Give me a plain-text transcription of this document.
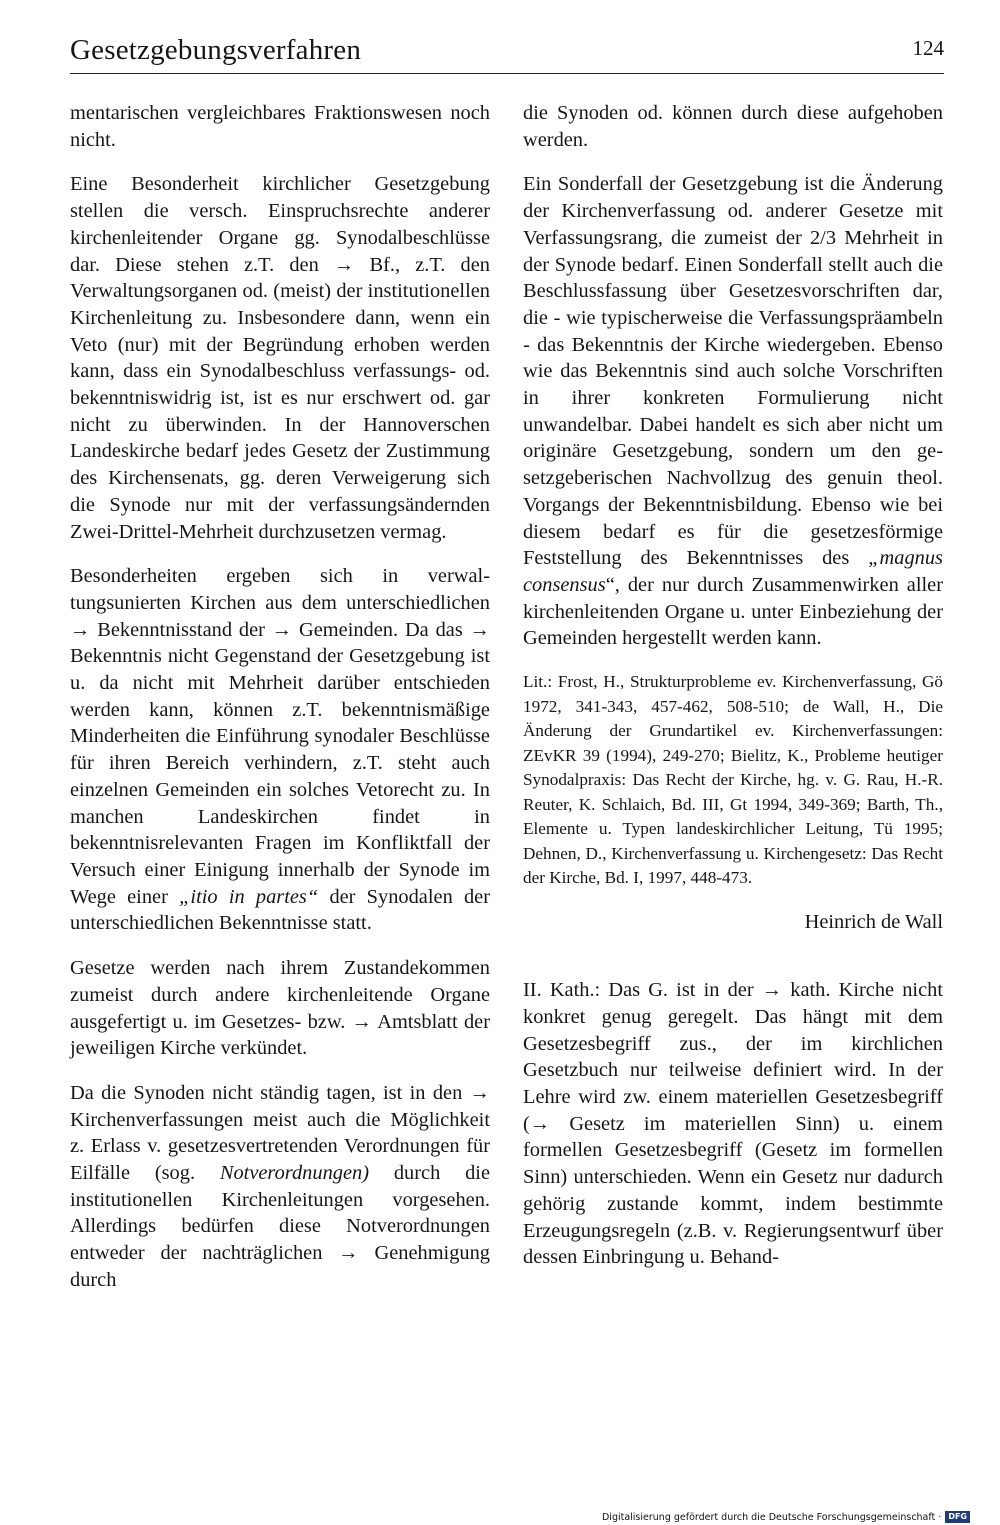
Gesetzgebungsverfahren	124

mentarischen vergleichbares Fraktionswesen noch nicht.

Eine Besonderheit kirchlicher Gesetzgebung stellen die versch. Einspruchsrechte anderer kirchenleitender Organe gg. Synodalbeschlüsse dar. Diese stehen z.T. den → Bf., z.T. den Verwaltungsorganen od. (meist) der institutionellen Kirchenleitung zu. Insbesondere dann, wenn ein Veto (nur) mit der Begründung erhoben werden kann, dass ein Synodalbeschluss verfassungs- od. bekenntniswidrig ist, ist es nur erschwert od. gar nicht zu überwinden. In der Hannoverschen Landeskirche bedarf jedes Gesetz der Zustimmung des Kirchensenats, gg. deren Verweigerung sich die Synode nur mit der verfassungsändernden Zwei-Drittel-Mehrheit durchzusetzen vermag.

Besonderheiten ergeben sich in verwaltungsunierten Kirchen aus dem unterschiedlichen → Bekenntnisstand der → Gemeinden. Da das → Bekenntnis nicht Gegenstand der Gesetzgebung ist u. da nicht mit Mehrheit darüber entschieden werden kann, können z.T. bekenntnismäßige Minderheiten die Einführung synodaler Beschlüsse für ihren Bereich verhindern, z.T. steht auch einzelnen Gemeinden ein solches Vetorecht zu. In manchen Landeskirchen findet in bekenntnisrelevanten Fragen im Konfliktfall der Versuch einer Einigung innerhalb der Synode im Wege einer „itio in partes“ der Synodalen der unterschiedlichen Bekenntnisse statt.

Gesetze werden nach ihrem Zustandekommen zumeist durch andere kirchenleitende Organe ausgefertigt u. im Gesetzes- bzw. → Amtsblatt der jeweiligen Kirche verkündet.

Da die Synoden nicht ständig tagen, ist in den → Kirchenverfassungen meist auch die Möglichkeit z. Erlass v. gesetzesvertretenden Verordnungen für Eilfälle (sog. Notverordnungen) durch die institutionellen Kirchenleitungen vorgesehen. Allerdings bedürfen diese Notverordnungen entweder der nachträglichen → Genehmigung durch

die Synoden od. können durch diese aufgehoben werden.

Ein Sonderfall der Gesetzgebung ist die Änderung der Kirchenverfassung od. anderer Gesetze mit Verfassungsrang, die zumeist der 2/3 Mehrheit in der Synode bedarf. Einen Sonderfall stellt auch die Beschlussfassung über Gesetzesvorschriften dar, die - wie typischerweise die Verfassungspräambeln - das Bekenntnis der Kirche wiedergeben. Ebenso wie das Bekenntnis sind auch solche Vorschriften in ihrer konkreten Formulierung nicht unwandelbar. Dabei handelt es sich aber nicht um originäre Gesetzgebung, sondern um den gesetzgeberischen Nachvollzug des genuin theol. Vorgangs der Bekenntnisbildung. Ebenso wie bei diesem bedarf es für die gesetzesförmige Feststellung des Bekenntnisses des „magnus consensus“, der nur durch Zusammenwirken aller kirchenleitenden Organe u. unter Einbeziehung der Gemeinden hergestellt werden kann.

Lit.: Frost, H., Strukturprobleme ev. Kirchenverfassung, Gö 1972, 341-343, 457-462, 508-510; de Wall, H., Die Änderung der Grundartikel ev. Kirchenverfassungen: ZEvKR 39 (1994), 249-270; Bielitz, K., Probleme heutiger Synodalpraxis: Das Recht der Kirche, hg. v. G. Rau, H.-R. Reuter, K. Schlaich, Bd. III, Gt 1994, 349-369; Barth, Th., Elemente u. Typen landeskirchlicher Leitung, Tü 1995; Dehnen, D., Kirchenverfassung u. Kirchengesetz: Das Recht der Kirche, Bd. I, 1997, 448-473.

Heinrich de Wall

II. Kath.: Das G. ist in der → kath. Kirche nicht konkret genug geregelt. Das hängt mit dem Gesetzesbegriff zus., der im kirchlichen Gesetzbuch nur teilweise definiert wird. In der Lehre wird zw. einem materiellen Gesetzesbegriff (→ Gesetz im materiellen Sinn) u. einem formellen Gesetzesbegriff (Gesetz im formellen Sinn) unterschieden. Wenn ein Gesetz nur dadurch gehörig zustande kommt, indem bestimmte Erzeugungsregeln (z.B. v. Regierungsentwurf über dessen Einbringung u. Behand-

Digitalisierung gefördert durch die Deutsche Forschungsgemeinschaft · DFG
